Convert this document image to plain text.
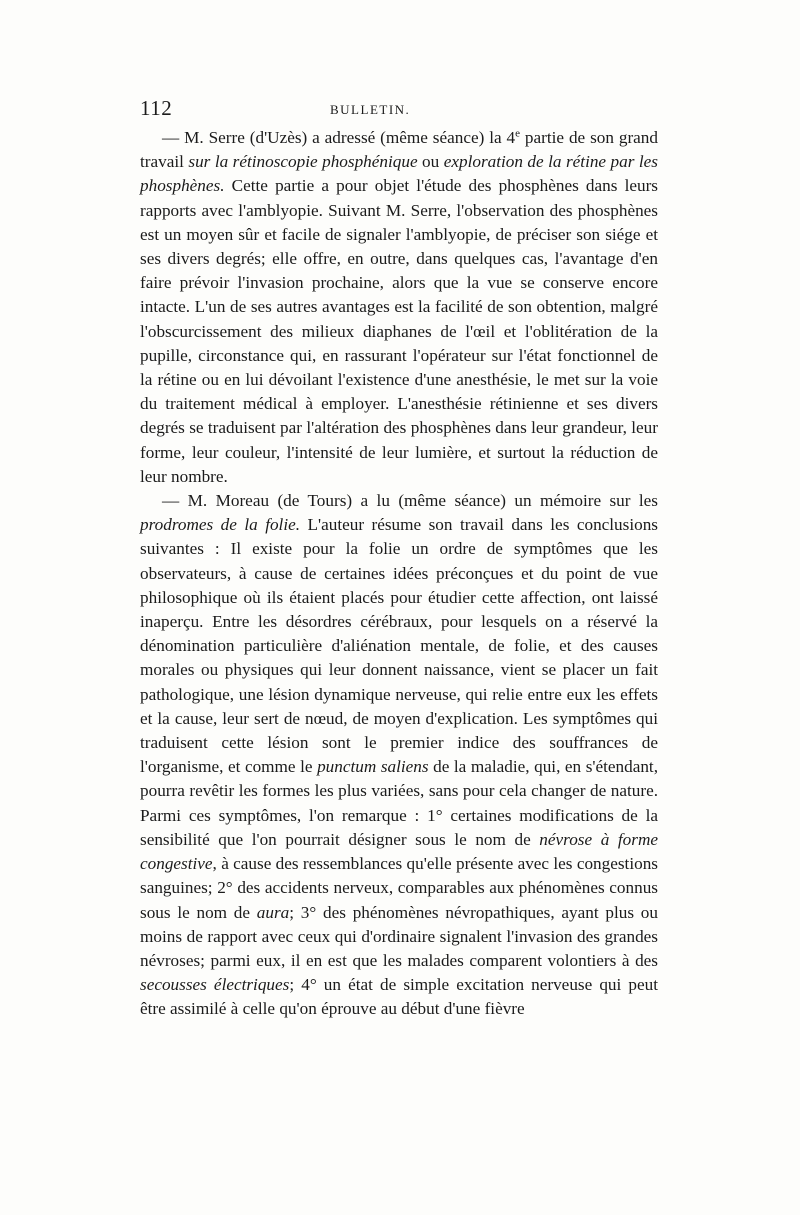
112	BULLETIN.

— M. Serre (d'Uzès) a adressé (même séance) la 4e partie de son grand travail sur la rétinoscopie phosphénique ou exploration de la rétine par les phosphènes. Cette partie a pour objet l'étude des phosphènes dans leurs rapports avec l'amblyopie. Suivant M. Serre, l'observation des phosphènes est un moyen sûr et facile de signaler l'amblyopie, de préciser son siége et ses divers degrés; elle offre, en outre, dans quelques cas, l'avantage d'en faire prévoir l'invasion prochaine, alors que la vue se conserve encore intacte. L'un de ses autres avantages est la facilité de son obtention, malgré l'obscurcissement des milieux diaphanes de l'œil et l'oblitération de la pupille, circonstance qui, en rassurant l'opérateur sur l'état fonctionnel de la rétine ou en lui dévoilant l'existence d'une anesthésie, le met sur la voie du traitement médical à employer. L'anesthésie rétinienne et ses divers degrés se traduisent par l'altération des phosphènes dans leur grandeur, leur forme, leur couleur, l'intensité de leur lumière, et surtout la réduction de leur nombre.

— M. Moreau (de Tours) a lu (même séance) un mémoire sur les prodromes de la folie. L'auteur résume son travail dans les conclusions suivantes : Il existe pour la folie un ordre de symptômes que les observateurs, à cause de certaines idées préconçues et du point de vue philosophique où ils étaient placés pour étudier cette affection, ont laissé inaperçu. Entre les désordres cérébraux, pour lesquels on a réservé la dénomination particulière d'aliénation mentale, de folie, et des causes morales ou physiques qui leur donnent naissance, vient se placer un fait pathologique, une lésion dynamique nerveuse, qui relie entre eux les effets et la cause, leur sert de nœud, de moyen d'explication. Les symptômes qui traduisent cette lésion sont le premier indice des souffrances de l'organisme, et comme le punctum saliens de la maladie, qui, en s'étendant, pourra revêtir les formes les plus variées, sans pour cela changer de nature. Parmi ces symptômes, l'on remarque : 1° certaines modifications de la sensibilité que l'on pourrait désigner sous le nom de névrose à forme congestive, à cause des ressemblances qu'elle présente avec les congestions sanguines; 2° des accidents nerveux, comparables aux phénomènes connus sous le nom de aura; 3° des phénomènes névropathiques, ayant plus ou moins de rapport avec ceux qui d'ordinaire signalent l'invasion des grandes névroses; parmi eux, il en est que les malades comparent volontiers à des secousses électriques; 4° un état de simple excitation nerveuse qui peut être assimilé à celle qu'on éprouve au début d'une fièvre
